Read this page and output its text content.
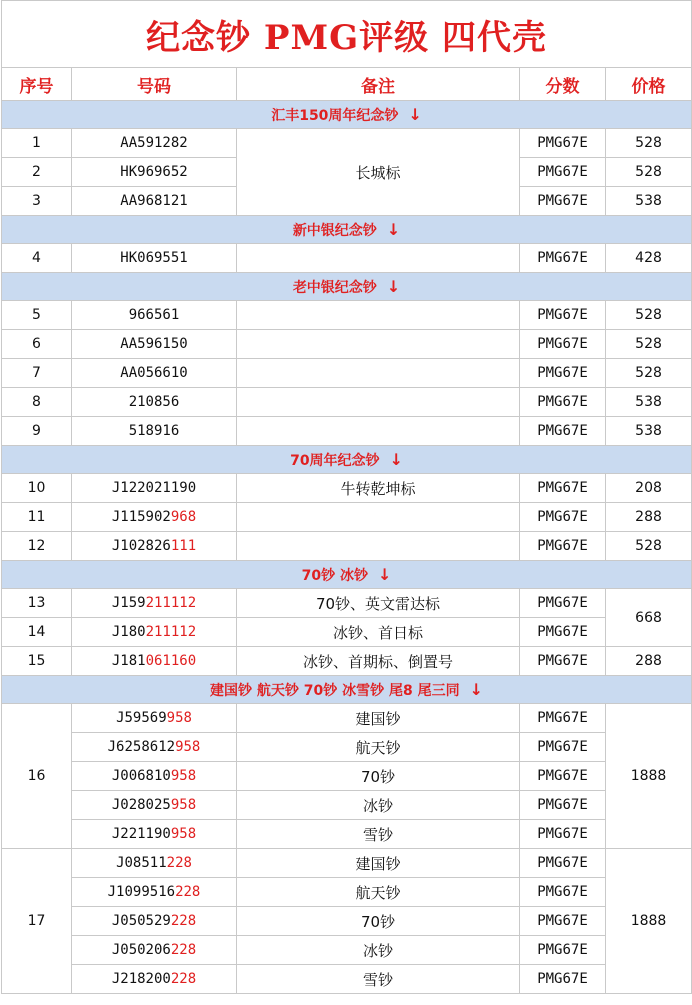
纪念钞 PMG评级 四代壳				
序号	号码	备注	分数	价格
汇丰150周年纪念钞 ↓				
1	AA591282	长城标	PMG67E	528
2	HK969652		PMG67E	528
3	AA968121		PMG67E	538
新中银纪念钞 ↓				
4	HK069551		PMG67E	428
老中银纪念钞 ↓				
5	966561		PMG67E	528
6	AA596150		PMG67E	528
7	AA056610		PMG67E	528
8	210856		PMG67E	538
9	518916		PMG67E	538
70周年纪念钞 ↓				
10	J122021190	牛转乾坤标	PMG67E	208
11	J115902968		PMG67E	288
12	J102826111		PMG67E	528
70钞 冰钞 ↓				
13	J159211112	70钞、英文雷达标	PMG67E	668
14	J180211112	冰钞、首日标	PMG67E	
15	J181061160	冰钞、首期标、倒置号	PMG67E	288
建国钞 航天钞 70钞 冰雪钞 尾8 尾三同 ↓				
16	J59569958	建国钞	PMG67E	1888
	J6258612958	航天钞	PMG67E	
	J006810958	70钞	PMG67E	
	J028025958	冰钞	PMG67E	
	J221190958	雪钞	PMG67E	
17	J08511228	建国钞	PMG67E	1888
	J1099516228	航天钞	PMG67E	
	J050529228	70钞	PMG67E	
	J050206228	冰钞	PMG67E	
	J218200228	雪钞	PMG67E	
